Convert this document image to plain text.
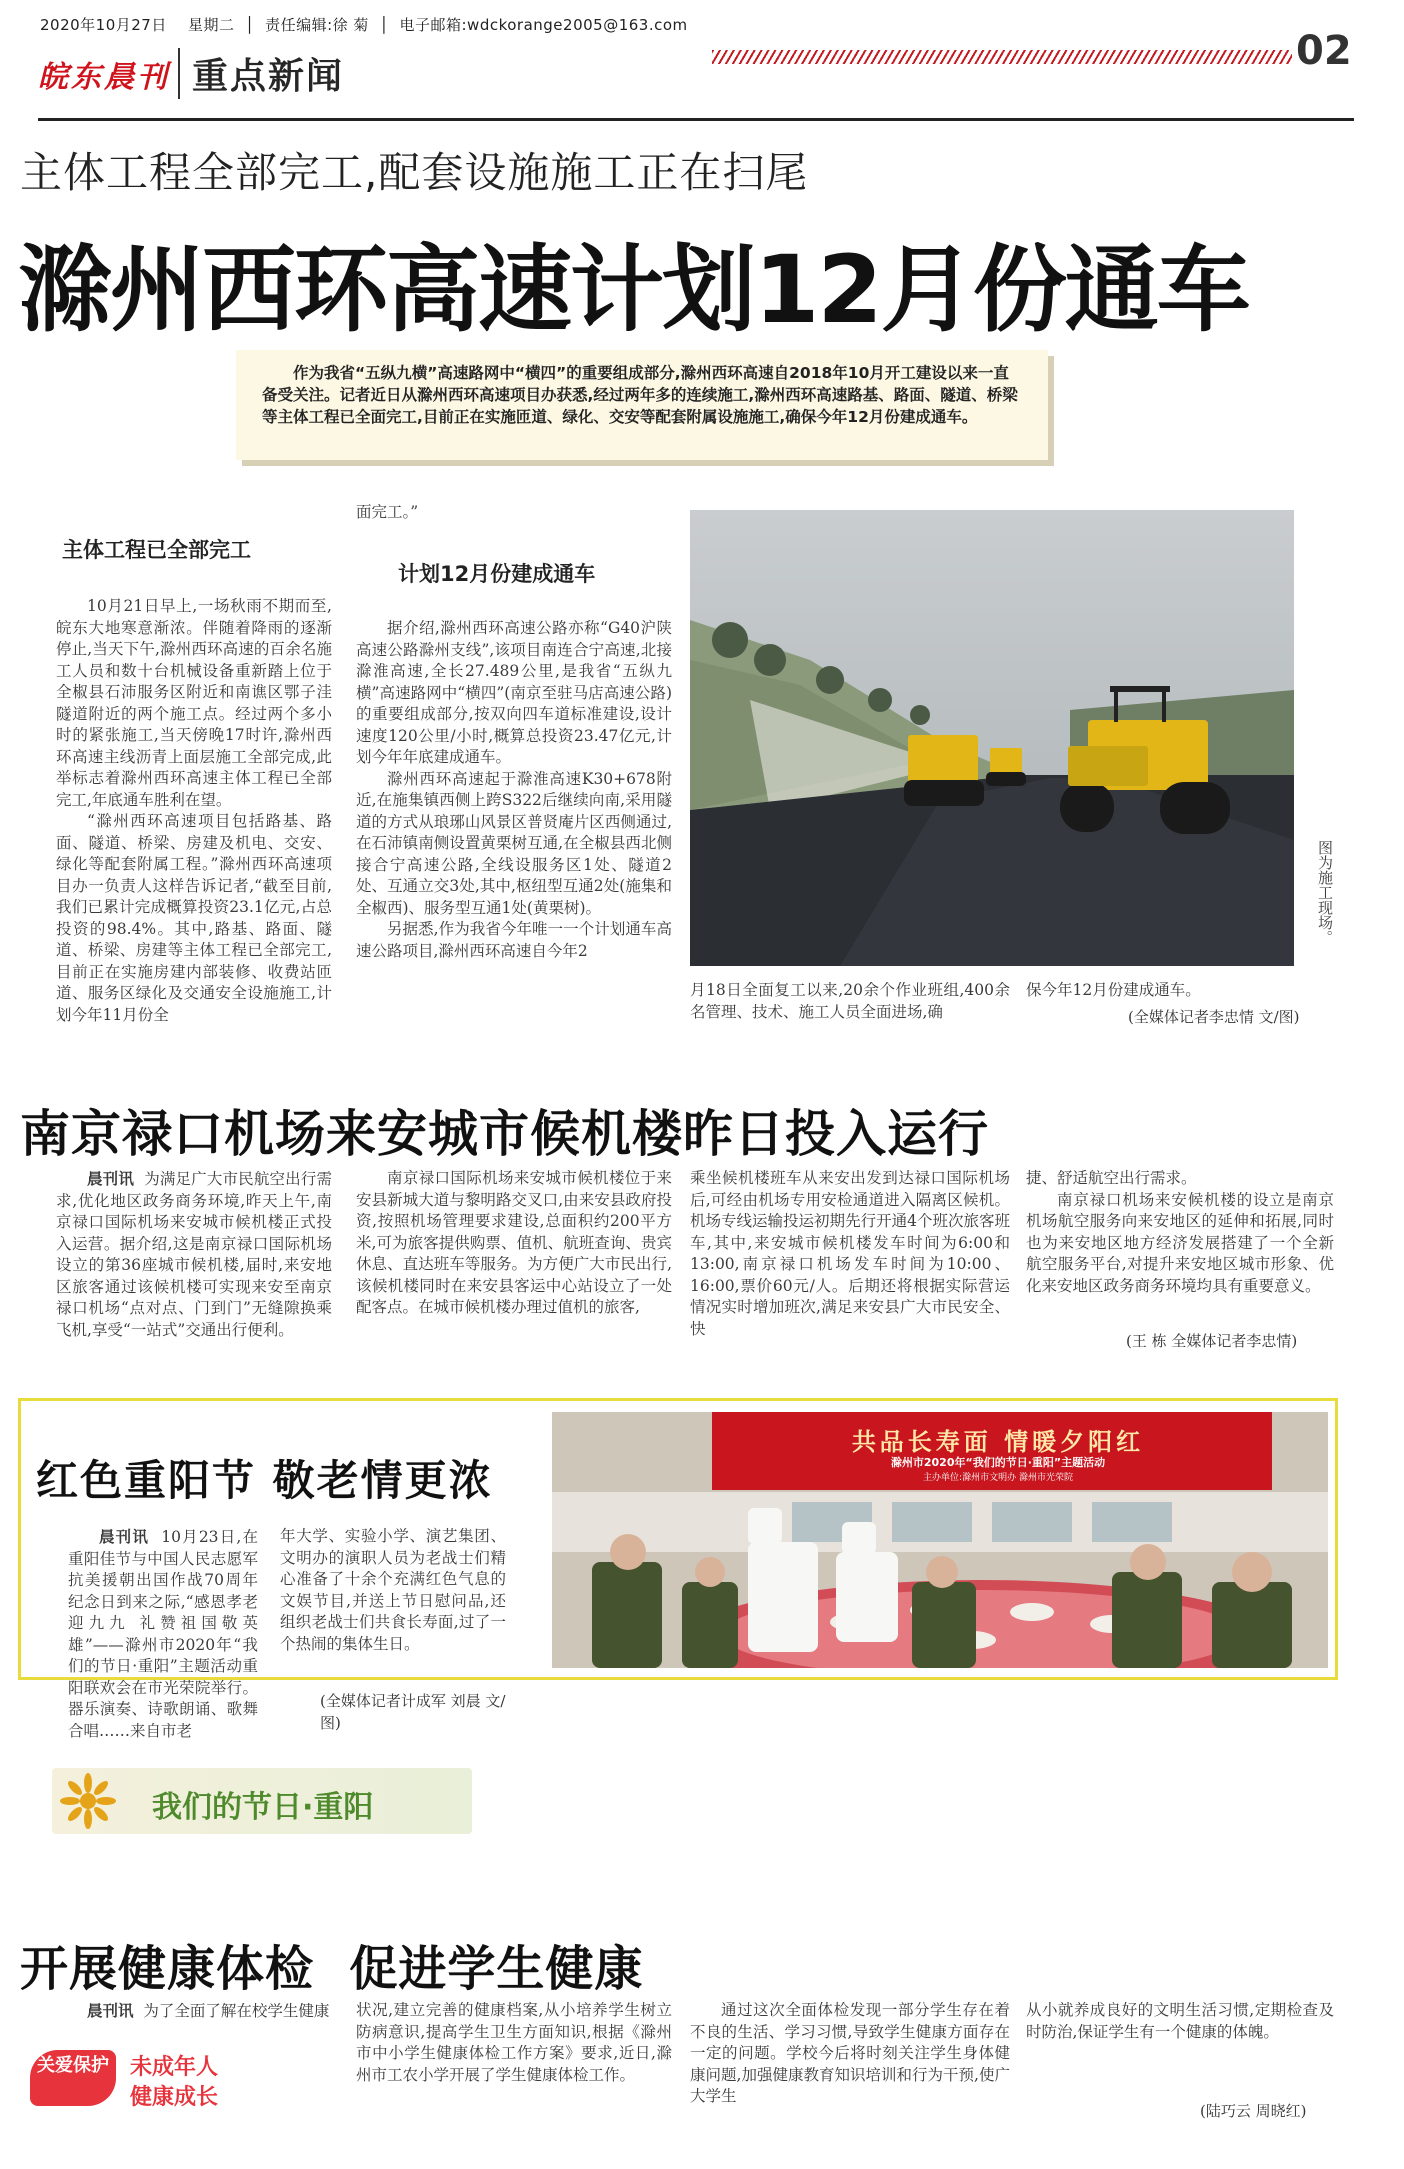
2020年10月27日 星期二  │  责任编辑:徐 菊  │  电子邮箱:wdckorange2005@163.com
皖东晨刊 重点新闻
02
主体工程全部完工,配套设施施工正在扫尾
滁州西环高速计划12月份通车
作为我省“五纵九横”高速路网中“横四”的重要组成部分,滁州西环高速自2018年10月开工建设以来一直备受关注。记者近日从滁州西环高速项目办获悉,经过两年多的连续施工,滁州西环高速路基、路面、隧道、桥梁等主体工程已全面完工,目前正在实施匝道、绿化、交安等配套附属设施施工,确保今年12月份建成通车。
主体工程已全部完工

10月21日早上,一场秋雨不期而至,皖东大地寒意渐浓。伴随着降雨的逐渐停止,当天下午,滁州西环高速的百余名施工人员和数十台机械设备重新踏上位于全椒县石沛服务区附近和南谯区鄂子洼隧道附近的两个施工点。经过两个多小时的紧张施工,当天傍晚17时许,滁州西环高速主线沥青上面层施工全部完成,此举标志着滁州西环高速主体工程已全部完工,年底通车胜利在望。

“滁州西环高速项目包括路基、路面、隧道、桥梁、房建及机电、交安、绿化等配套附属工程。”滁州西环高速项目办一负责人这样告诉记者,“截至目前,我们已累计完成概算投资23.1亿元,占总投资的98.4%。其中,路基、路面、隧道、桥梁、房建等主体工程已全部完工,目前正在实施房建内部装修、收费站匝道、服务区绿化及交通安全设施施工,计划今年11月份全

面完工。”
计划12月份建成通车

据介绍,滁州西环高速公路亦称“G40沪陕高速公路滁州支线”,该项目南连合宁高速,北接滁淮高速,全长27.489公里,是我省“五纵九横”高速路网中“横四”(南京至驻马店高速公路)的重要组成部分,按双向四车道标准建设,设计速度120公里/小时,概算总投资23.47亿元,计划今年年底建成通车。

滁州西环高速起于滁淮高速K30+678附近,在施集镇西侧上跨S322后继续向南,采用隧道的方式从琅琊山风景区普贤庵片区西侧通过,在石沛镇南侧设置黄栗树互通,在全椒县西北侧接合宁高速公路,全线设服务区1处、隧道2处、互通立交3处,其中,枢纽型互通2处(施集和全椒西)、服务型互通1处(黄栗树)。

另据悉,作为我省今年唯一一个计划通车高速公路项目,滁州西环高速自今年2

图为施工现场。
月18日全面复工以来,20余个作业班组,400余名管理、技术、施工人员全面进场,确
保今年12月份建成通车。
(全媒体记者李忠情 文/图)
南京禄口机场来安城市候机楼昨日投入运行

晨刊讯 为满足广大市民航空出行需求,优化地区政务商务环境,昨天上午,南京禄口国际机场来安城市候机楼正式投入运营。据介绍,这是南京禄口国际机场设立的第36座城市候机楼,届时,来安地区旅客通过该候机楼可实现来安至南京禄口机场“点对点、门到门”无缝隙换乘飞机,享受“一站式”交通出行便利。

南京禄口国际机场来安城市候机楼位于来安县新城大道与黎明路交叉口,由来安县政府投资,按照机场管理要求建设,总面积约200平方米,可为旅客提供购票、值机、航班查询、贵宾休息、直达班车等服务。为方便广大市民出行,该候机楼同时在来安县客运中心站设立了一处配客点。在城市候机楼办理过值机的旅客,

乘坐候机楼班车从来安出发到达禄口国际机场后,可经由机场专用安检通道进入隔离区候机。机场专线运输投运初期先行开通4个班次旅客班车,其中,来安城市候机楼发车时间为6:00和13:00,南京禄口机场发车时间为10:00、16:00,票价60元/人。后期还将根据实际营运情况实时增加班次,满足来安县广大市民安全、快

捷、舒适航空出行需求。

南京禄口机场来安候机楼的设立是南京机场航空服务向来安地区的延伸和拓展,同时也为来安地区地方经济发展搭建了一个全新航空服务平台,对提升来安地区城市形象、优化来安地区政务商务环境均具有重要意义。

(王 栋 全媒体记者李忠情)
红色重阳节 敬老情更浓

晨刊讯 10月23日,在重阳佳节与中国人民志愿军抗美援朝出国作战70周年纪念日到来之际,“感恩孝老迎九九 礼赞祖国敬英雄”——滁州市2020年“我们的节日·重阳”主题活动重阳联欢会在市光荣院举行。器乐演奏、诗歌朗诵、歌舞合唱……来自市老

年大学、实验小学、演艺集团、文明办的演职人员为老战士们精心准备了十余个充满红色气息的文娱节目,并送上节日慰问品,还组织老战士们共食长寿面,过了一个热闹的集体生日。

(全媒体记者计成军 刘晨 文/图)
我们的节日·重阳
共品长寿面 情暖夕阳红
滁州市2020年“我们的节日·重阳”主题活动
主办单位:滁州市文明办 滁州市光荣院
开展健康体检  促进学生健康

晨刊讯 为了全面了解在校学生健康

关爱保护 未成年人
健康成长

状况,建立完善的健康档案,从小培养学生树立防病意识,提高学生卫生方面知识,根据《滁州市中小学生健康体检工作方案》要求,近日,滁州市工农小学开展了学生健康体检工作。

通过这次全面体检发现一部分学生存在着不良的生活、学习习惯,导致学生健康方面存在一定的问题。学校今后将时刻关注学生身体健康问题,加强健康教育知识培训和行为干预,使广大学生

从小就养成良好的文明生活习惯,定期检查及时防治,保证学生有一个健康的体魄。

(陆巧云 周晓红)
